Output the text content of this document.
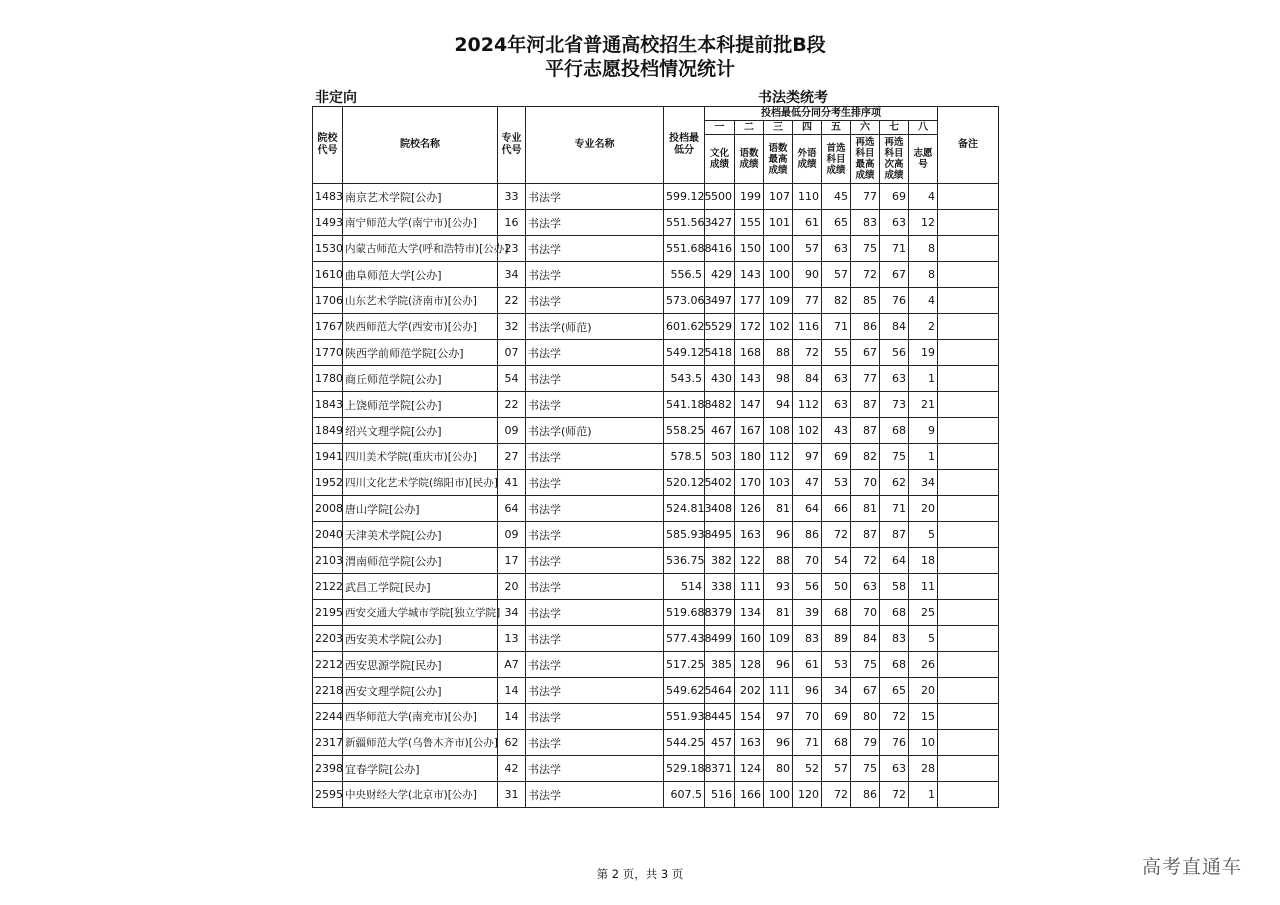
2024年河北省普通高校招生本科提前批B段
平行志愿投档情况统计
非定向	书法类统考
院校代号	院校名称	专业代号	专业名称	投档最低分	投档最低分同分考生排序项								备注
					一	二	三	四	五	六	七	八	
					文化成绩	语数成绩	语数最高成绩	外语成绩	首选科目成绩	再选科目最高成绩	再选科目次高成绩	志愿号	
1483	南京艺术学院[公办]	33	书法学	599.125	500	199	107	110	45	77	69	4	
1493	南宁师范大学(南宁市)[公办]	16	书法学	551.563	427	155	101	61	65	83	63	12	
1530	内蒙古师范大学(呼和浩特市)[公办]	23	书法学	551.688	416	150	100	57	63	75	71	8	
1610	曲阜师范大学[公办]	34	书法学	556.5	429	143	100	90	57	72	67	8	
1706	山东艺术学院(济南市)[公办]	22	书法学	573.063	497	177	109	77	82	85	76	4	
1767	陕西师范大学(西安市)[公办]	32	书法学(师范)	601.625	529	172	102	116	71	86	84	2	
1770	陕西学前师范学院[公办]	07	书法学	549.125	418	168	88	72	55	67	56	19	
1780	商丘师范学院[公办]	54	书法学	543.5	430	143	98	84	63	77	63	1	
1843	上饶师范学院[公办]	22	书法学	541.188	482	147	94	112	63	87	73	21	
1849	绍兴文理学院[公办]	09	书法学(师范)	558.25	467	167	108	102	43	87	68	9	
1941	四川美术学院(重庆市)[公办]	27	书法学	578.5	503	180	112	97	69	82	75	1	
1952	四川文化艺术学院(绵阳市)[民办]	41	书法学	520.125	402	170	103	47	53	70	62	34	
2008	唐山学院[公办]	64	书法学	524.813	408	126	81	64	66	81	71	20	
2040	天津美术学院[公办]	09	书法学	585.938	495	163	96	86	72	87	87	5	
2103	渭南师范学院[公办]	17	书法学	536.75	382	122	88	70	54	72	64	18	
2122	武昌工学院[民办]	20	书法学	514	338	111	93	56	50	63	58	11	
2195	西安交通大学城市学院[独立学院]	34	书法学	519.688	379	134	81	39	68	70	68	25	
2203	西安美术学院[公办]	13	书法学	577.438	499	160	109	83	89	84	83	5	
2212	西安思源学院[民办]	A7	书法学	517.25	385	128	96	61	53	75	68	26	
2218	西安文理学院[公办]	14	书法学	549.625	464	202	111	96	34	67	65	20	
2244	西华师范大学(南充市)[公办]	14	书法学	551.938	445	154	97	70	69	80	72	15	
2317	新疆师范大学(乌鲁木齐市)[公办]	62	书法学	544.25	457	163	96	71	68	79	76	10	
2398	宜春学院[公办]	42	书法学	529.188	371	124	80	52	57	75	63	28	
2595	中央财经大学(北京市)[公办]	31	书法学	607.5	516	166	100	120	72	86	72	1	
第 2 页，共 3 页	高考直通车
